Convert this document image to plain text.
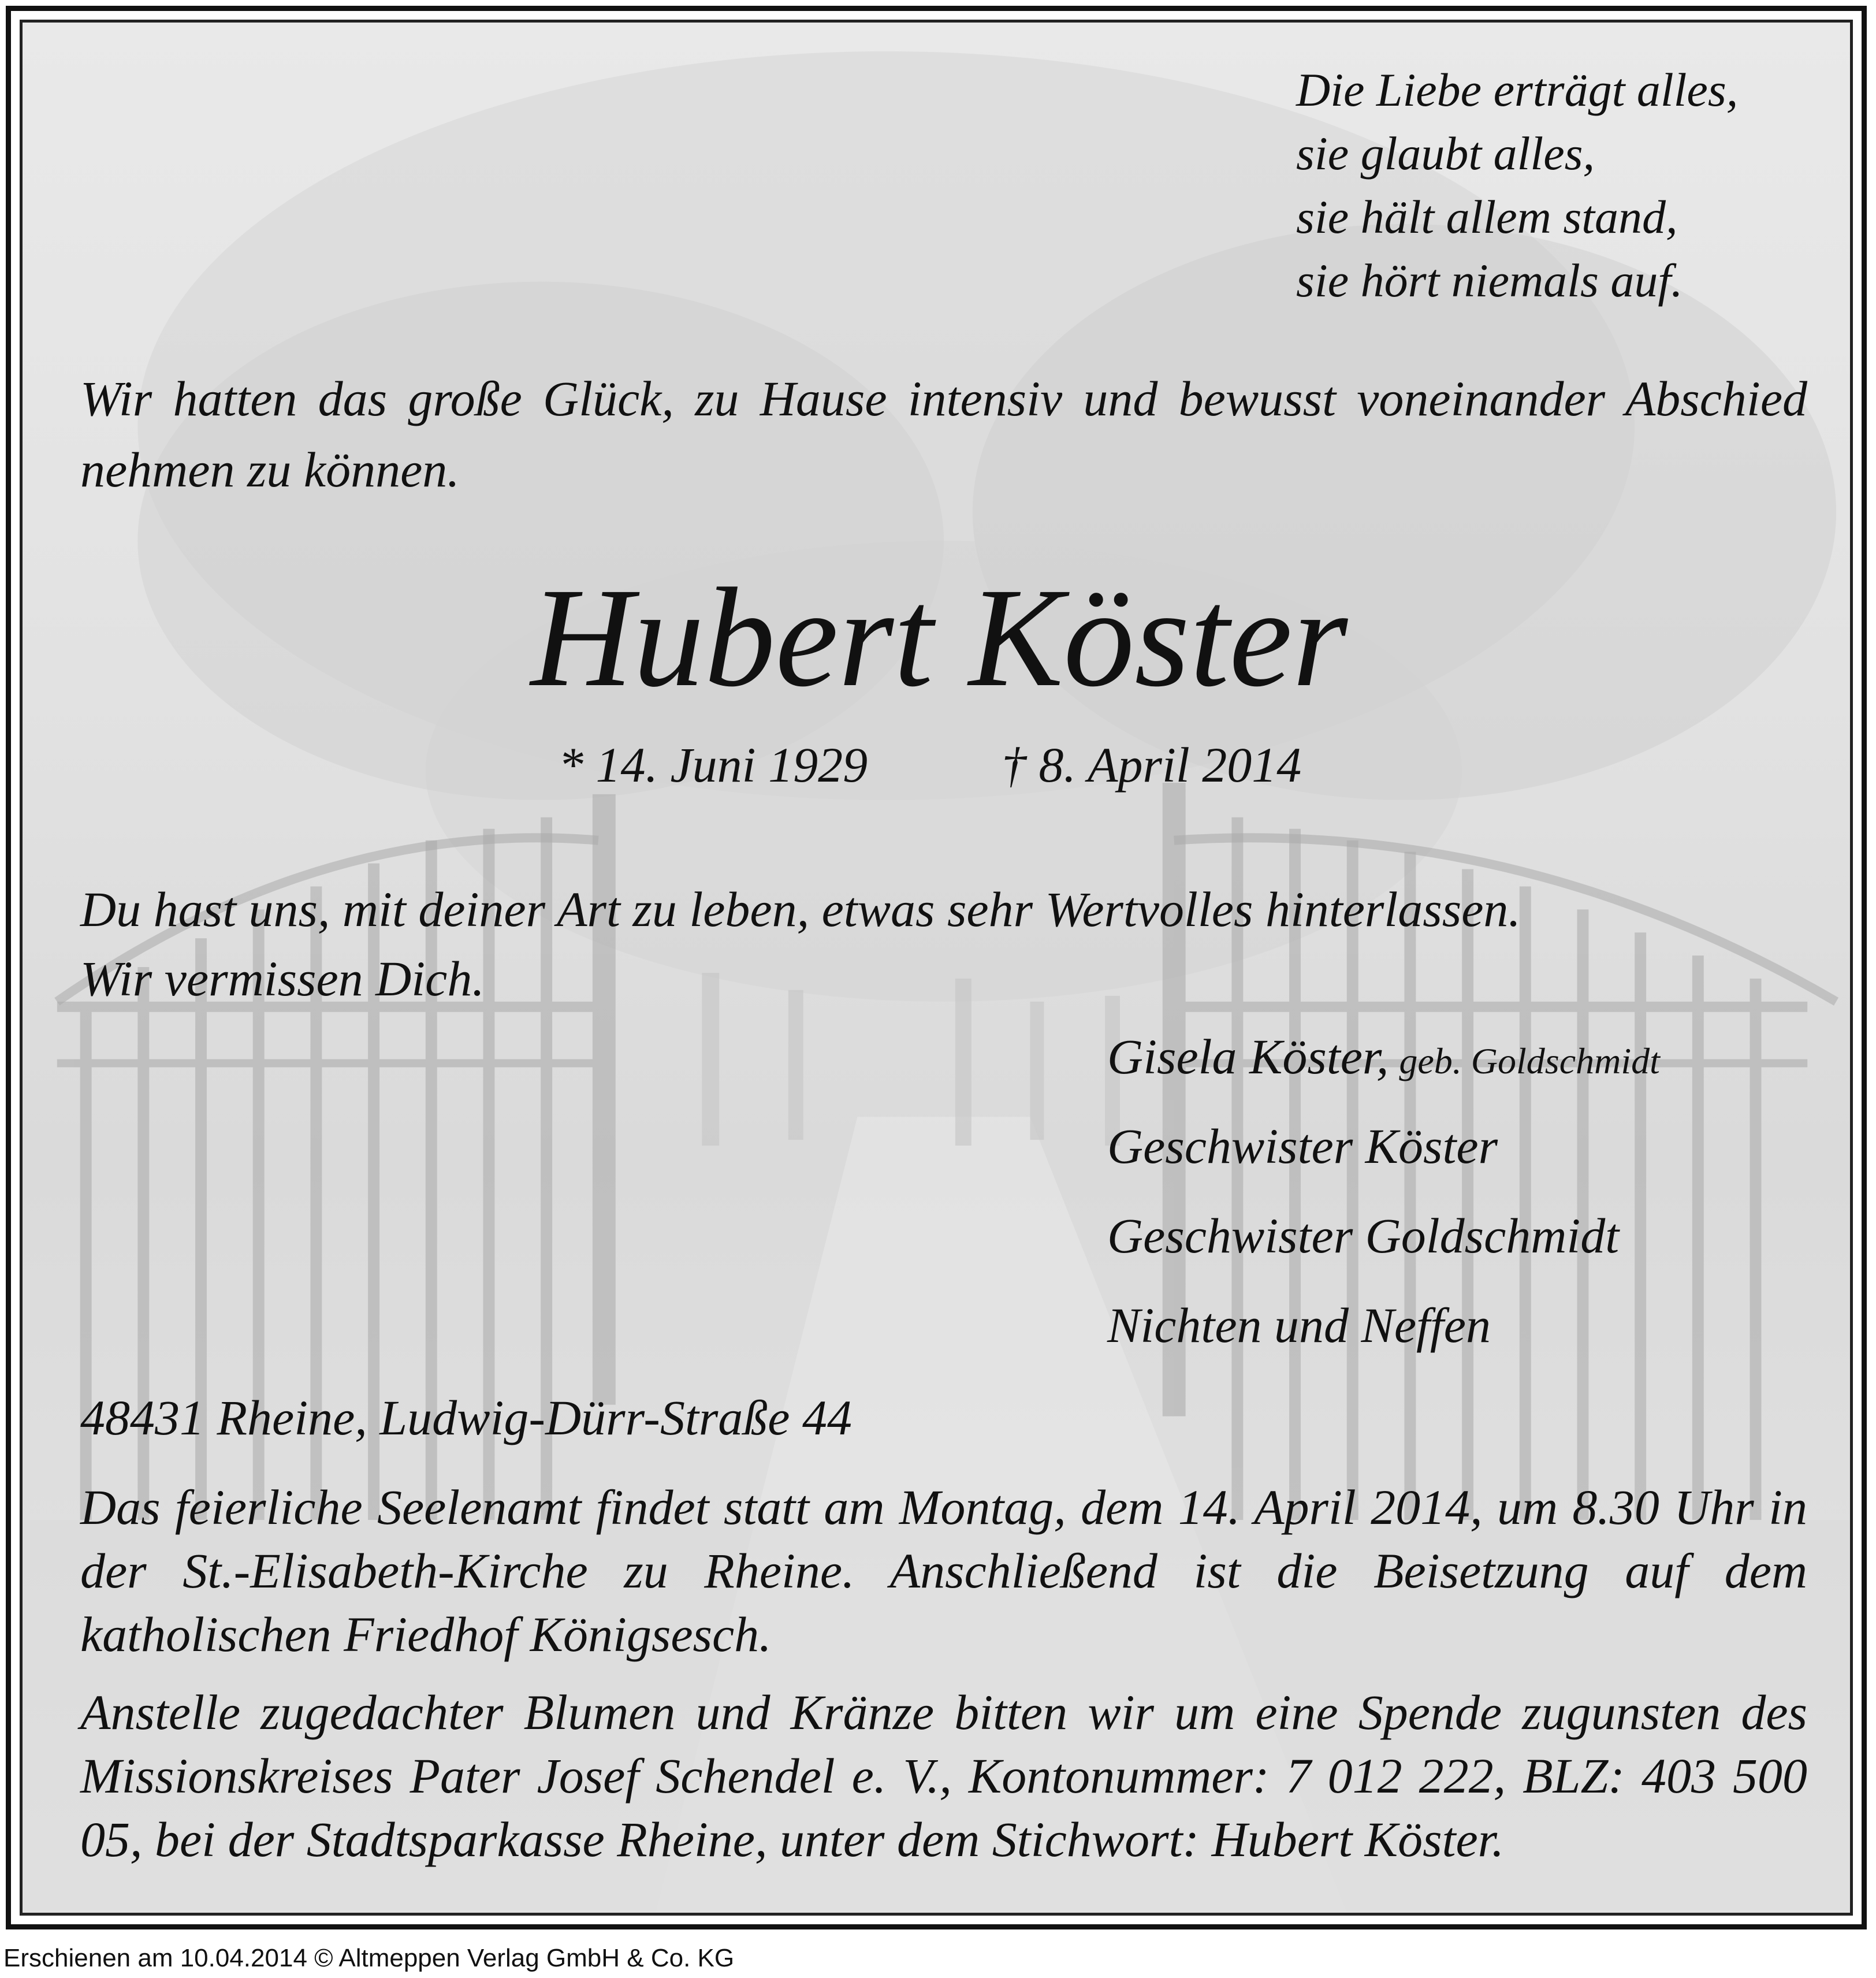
Die Liebe erträgt alles,
sie glaubt alles,
sie hält allem stand,
sie hört niemals auf.
Wir hatten das große Glück, zu Hause intensiv und bewusst voneinander Abschied nehmen zu können.
Hubert Köster
* 14. Juni 1929	† 8. April 2014
Du hast uns, mit deiner Art zu leben, etwas sehr Wertvolles hinterlassen.
Wir vermissen Dich.
Gisela Köster, geb. Goldschmidt
Geschwister Köster
Geschwister Goldschmidt
Nichten und Neffen
48431 Rheine, Ludwig-Dürr-Straße 44
Das feierliche Seelenamt findet statt am Montag, dem 14. April 2014, um 8.30 Uhr in der St.-Elisabeth-Kirche zu Rheine. Anschließend ist die Beisetzung auf dem katholischen Friedhof Königsesch.
Anstelle zugedachter Blumen und Kränze bitten wir um eine Spende zugunsten des Missionskreises Pater Josef Schendel e. V., Kontonummer: 7 012 222, BLZ: 403 500 05, bei der Stadtsparkasse Rheine, unter dem Stichwort: Hubert Köster.
Erschienen am 10.04.2014 © Altmeppen Verlag GmbH & Co. KG
